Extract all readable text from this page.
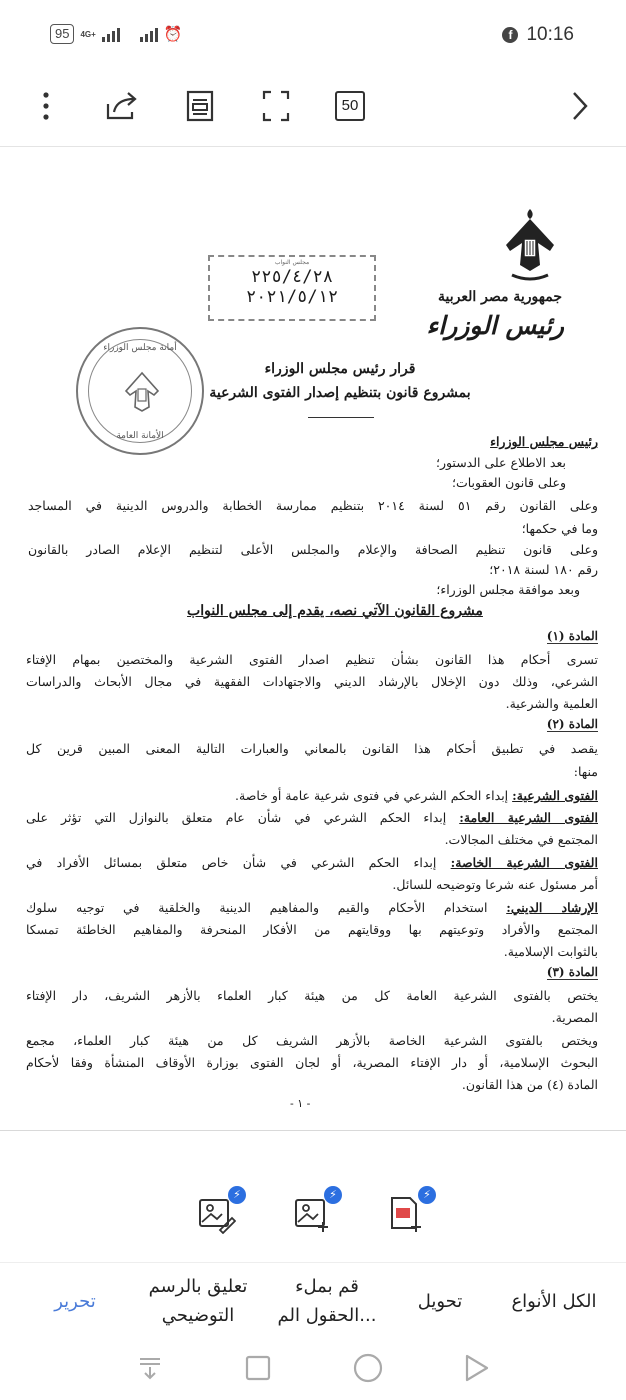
95	4G+	⏰	f 10:16
50
جمهورية مصر العربية
رئيس الوزراء
مجلس النواب
٢٢٥/٤/٢٨
٢٠٢١/٥/١٢
أمانة مجلس الوزراء
الأمانة العامة
قرار رئيس مجلس الوزراء
بمشروع قانون بتنظيم إصدار الفتوى الشرعية
رئيس مجلس الوزراء
بعد الاطلاع على الدستور؛
وعلى قانون العقوبات؛
وعلى القانون رقم ٥١ لسنة ٢٠١٤ بتنظيم ممارسة الخطابة والدروس الدينية في المساجد
وما في حكمها؛
وعلى قانون تنظيم الصحافة والإعلام والمجلس الأعلى لتنظيم الإعلام الصادر بالقانون
رقم ١٨٠ لسنة ٢٠١٨؛
وبعد موافقة مجلس الوزراء؛
مشروع القانون الآتي نصه، يقدم إلى مجلس النواب
المادة (١)
تسرى أحكام هذا القانون بشأن تنظيم اصدار الفتوى الشرعية والمختصين بمهام الإفتاء
الشرعي، وذلك دون الإخلال بالإرشاد الديني والاجتهادات الفقهية في مجال الأبحاث والدراسات
العلمية والشرعية.
المادة (٢)
يقصد في تطبيق أحكام هذا القانون بالمعاني والعبارات التالية المعنى المبين قرين كل
منها:
الفتوى الشرعية: إبداء الحكم الشرعي في فتوى شرعية عامة أو خاصة.
الفتوى الشرعية العامة: إبداء الحكم الشرعي في شأن عام متعلق بالنوازل التي تؤثر على
المجتمع في مختلف المجالات.
الفتوى الشرعية الخاصة: إبداء الحكم الشرعي في شأن خاص متعلق بمسائل الأفراد في
أمر مسئول عنه شرعا وتوضيحه للسائل.
الإرشاد الديني: استخدام الأحكام والقيم والمفاهيم الدينية والخلقية في توجيه سلوك
المجتمع والأفراد وتوعيتهم بها ووقايتهم من الأفكار المنحرفة والمفاهيم الخاطئة تمسكا
بالثوابت الإسلامية.
المادة (٣)
يختص بالفتوى الشرعية العامة كل من هيئة كبار العلماء بالأزهر الشريف، دار الإفتاء
المصرية.
ويختص بالفتوى الشرعية الخاصة بالأزهر الشريف كل من هيئة كبار العلماء، مجمع
البحوث الإسلامية، أو دار الإفتاء المصرية، أو لجان الفتوى بوزارة الأوقاف المنشأة وفقا لأحكام
المادة (٤) من هذا القانون.
- ١ -
⚡	⚡	⚡
الكل الأنواع
تحويل
قم بملء
الحقول الم...
تعليق بالرسم
التوضيحي
تحرير
